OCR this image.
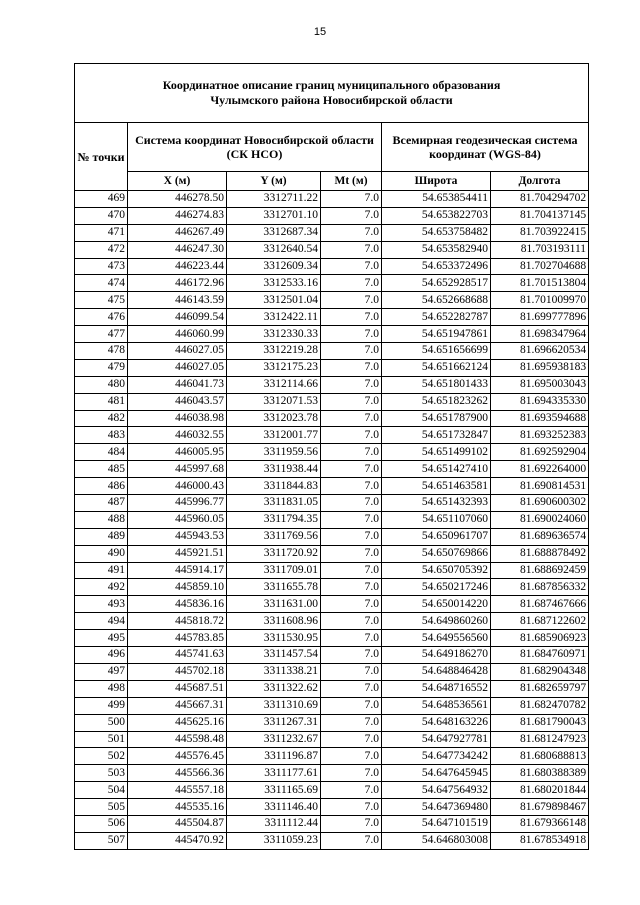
15
Координатное описание границ муниципального образования
Чулымского района Новосибирской области					

№ точки	Система координат Новосибирской области (СК НСО)			Всемирная геодезическая система координат (WGS-84)	
	X (м)	Y (м)	Mt (м)	Широта	Долгота
469	446278.50	3312711.22	7.0	54.653854411	81.704294702
470	446274.83	3312701.10	7.0	54.653822703	81.704137145
471	446267.49	3312687.34	7.0	54.653758482	81.703922415
472	446247.30	3312640.54	7.0	54.653582940	81.703193111
473	446223.44	3312609.34	7.0	54.653372496	81.702704688
474	446172.96	3312533.16	7.0	54.652928517	81.701513804
475	446143.59	3312501.04	7.0	54.652668688	81.701009970
476	446099.54	3312422.11	7.0	54.652282787	81.699777896
477	446060.99	3312330.33	7.0	54.651947861	81.698347964
478	446027.05	3312219.28	7.0	54.651656699	81.696620534
479	446027.05	3312175.23	7.0	54.651662124	81.695938183
480	446041.73	3312114.66	7.0	54.651801433	81.695003043
481	446043.57	3312071.53	7.0	54.651823262	81.694335330
482	446038.98	3312023.78	7.0	54.651787900	81.693594688
483	446032.55	3312001.77	7.0	54.651732847	81.693252383
484	446005.95	3311959.56	7.0	54.651499102	81.692592904
485	445997.68	3311938.44	7.0	54.651427410	81.692264000
486	446000.43	3311844.83	7.0	54.651463581	81.690814531
487	445996.77	3311831.05	7.0	54.651432393	81.690600302
488	445960.05	3311794.35	7.0	54.651107060	81.690024060
489	445943.53	3311769.56	7.0	54.650961707	81.689636574
490	445921.51	3311720.92	7.0	54.650769866	81.688878492
491	445914.17	3311709.01	7.0	54.650705392	81.688692459
492	445859.10	3311655.78	7.0	54.650217246	81.687856332
493	445836.16	3311631.00	7.0	54.650014220	81.687467666
494	445818.72	3311608.96	7.0	54.649860260	81.687122602
495	445783.85	3311530.95	7.0	54.649556560	81.685906923
496	445741.63	3311457.54	7.0	54.649186270	81.684760971
497	445702.18	3311338.21	7.0	54.648846428	81.682904348
498	445687.51	3311322.62	7.0	54.648716552	81.682659797
499	445667.31	3311310.69	7.0	54.648536561	81.682470782
500	445625.16	3311267.31	7.0	54.648163226	81.681790043
501	445598.48	3311232.67	7.0	54.647927781	81.681247923
502	445576.45	3311196.87	7.0	54.647734242	81.680688813
503	445566.36	3311177.61	7.0	54.647645945	81.680388389
504	445557.18	3311165.69	7.0	54.647564932	81.680201844
505	445535.16	3311146.40	7.0	54.647369480	81.679898467
506	445504.87	3311112.44	7.0	54.647101519	81.679366148
507	445470.92	3311059.23	7.0	54.646803008	81.678534918
